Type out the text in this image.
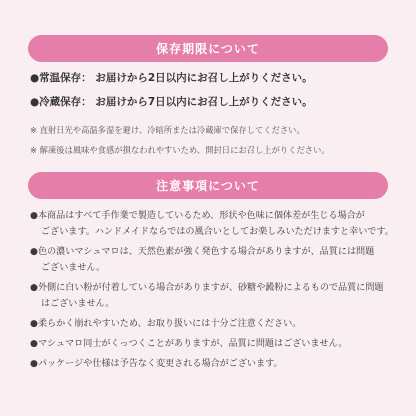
保存期限について
●常温保存： お届けから2日以内にお召し上がりください。
●冷蔵保存： お届けから7日以内にお召し上がりください。
※ 直射日光や高温多湿を避け、冷暗所または冷蔵庫で保存してください。
※ 解凍後は風味や食感が損なわれやすいため、開封日にお召し上がりください。
注意事項について
●本商品はすべて手作業で製造しているため、形状や色味に個体差が生じる場合が
ございます。ハンドメイドならではの風合いとしてお楽しみいただけますと幸いです。
●色の濃いマシュマロは、天然色素が強く発色する場合がありますが、品質には問題
ございません。
●外側に白い粉が付着している場合がありますが、砂糖や澱粉によるもので品質に問題
はございません。
●柔らかく崩れやすいため、お取り扱いには十分ご注意ください。
●マシュマロ同士がくっつくことがありますが、品質に問題はございません。
●パッケージや仕様は予告なく変更される場合がございます。
